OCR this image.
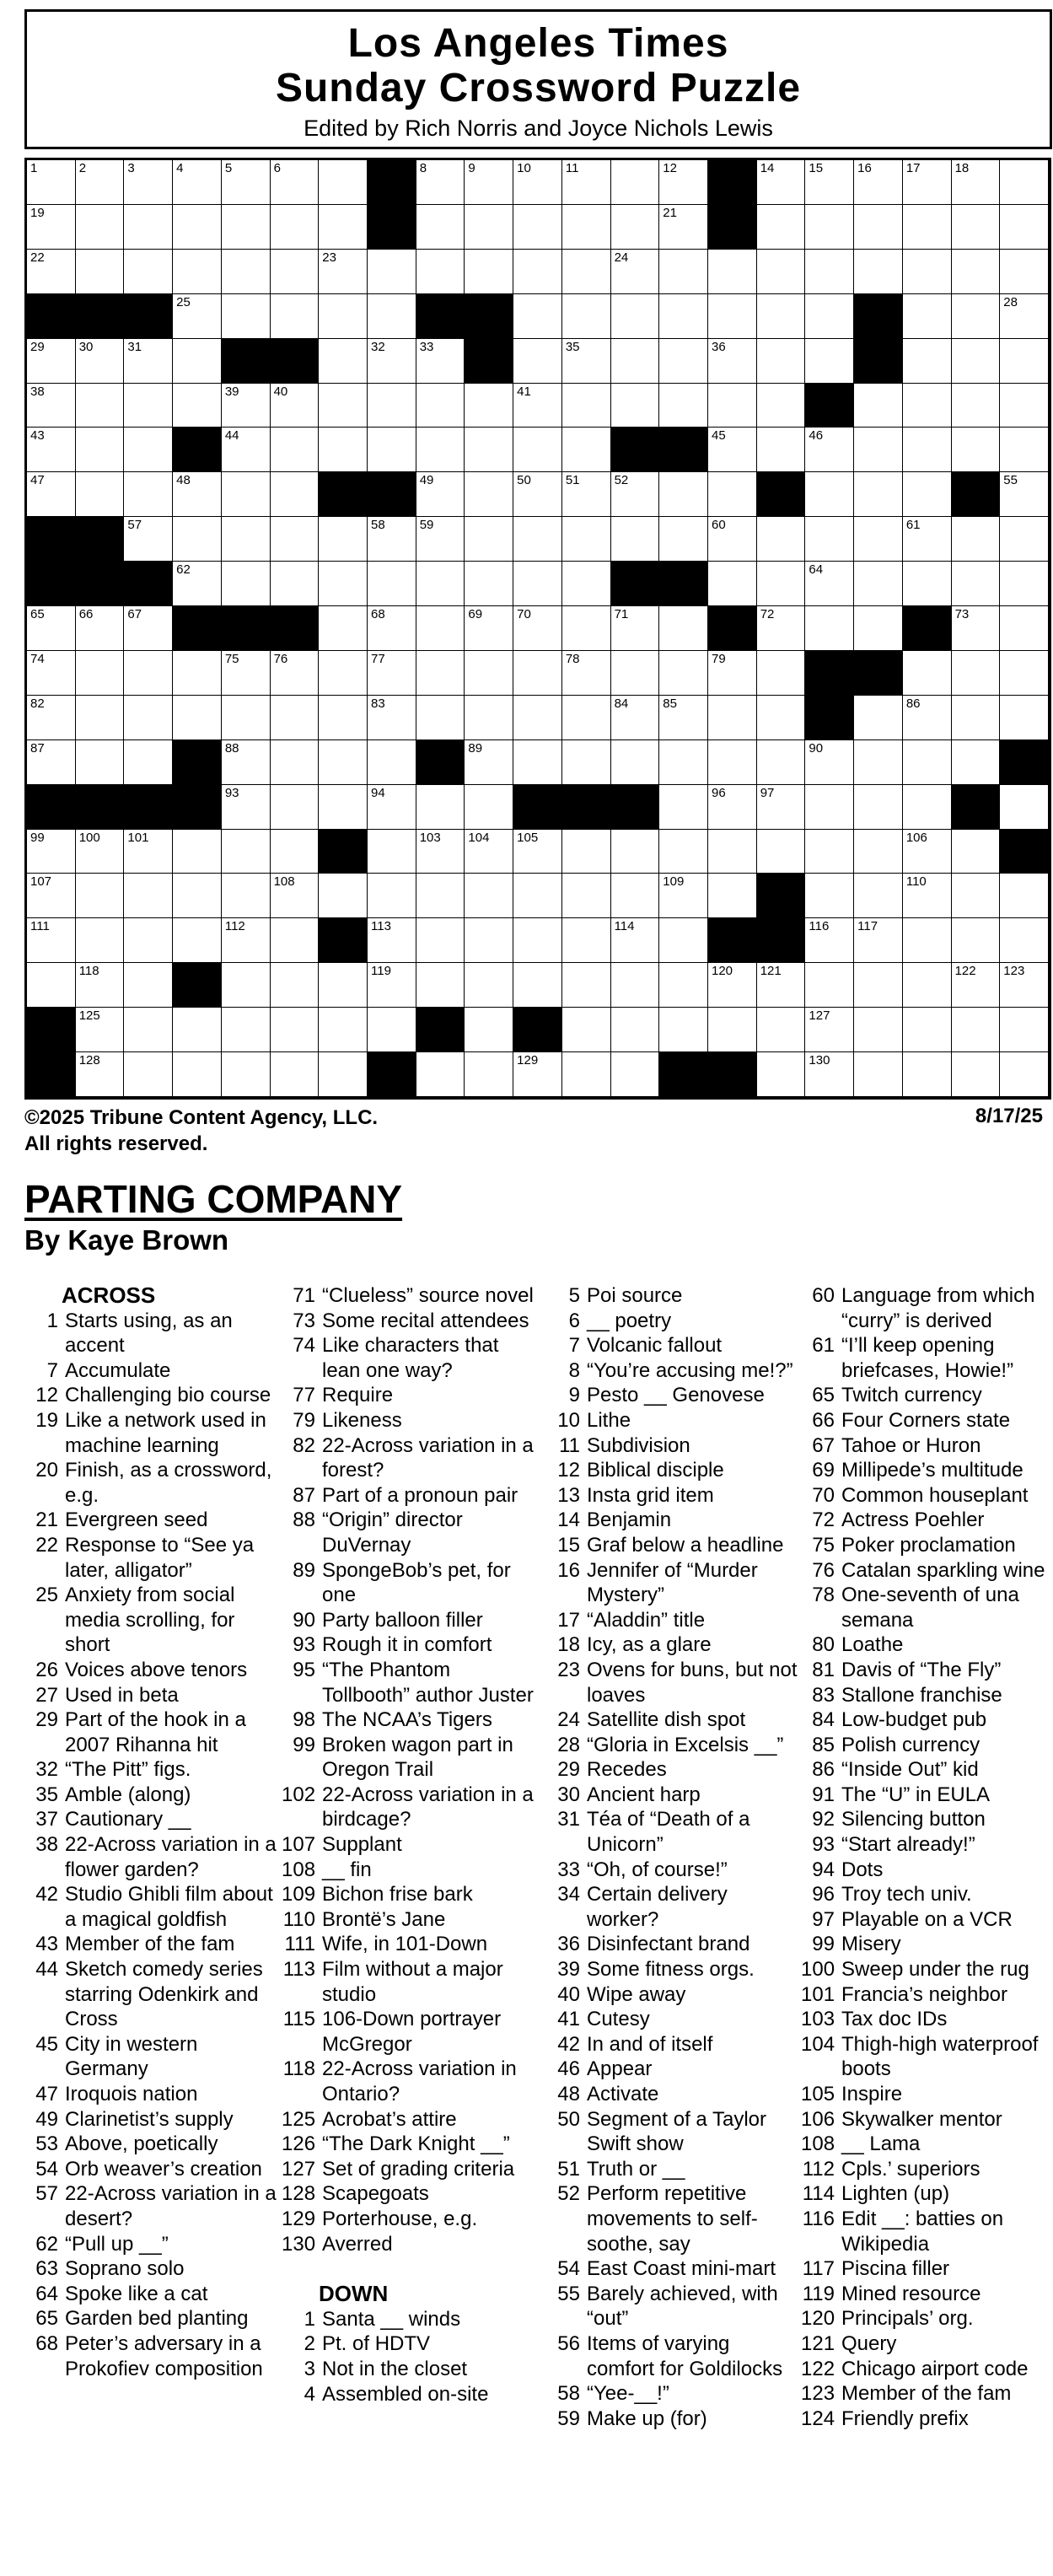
Los Angeles Times
Sunday Crossword Puzzle
Edited by Rich Norris and Joyce Nichols Lewis
1	2	3	4	5	6	8	9	10	11	12	14	15	16	17	18
19	21
22	23	24
25	28
29	30	31	32	33	35	36
38	39	40	41
43	44	45	46
47	48	49	50	51	52	55
57	58	59	60	61
62	64
65	66	67	68	69	70	71	72	73
74	75	76	77	78	79
82	83	84	85	86
87	88	89	90
93	94	96	97
99	100 101	103 104 105	106
107	108	109	110
111	112	113	114	116 117
118	119	120 121	122 123
125	127
128	129	130
©2025 Tribune Content Agency, LLC.
All rights reserved.
8/17/25
PARTING COMPANY
By Kaye Brown
ACROSS
1 Starts using, as an accent
7 Accumulate
12 Challenging bio course
19 Like a network used in machine learning
20 Finish, as a crossword, e.g.
21 Evergreen seed
22 Response to “See ya later, alligator”
25 Anxiety from social media scrolling, for short
26 Voices above tenors
27 Used in beta
29 Part of the hook in a 2007 Rihanna hit
32 “The Pitt” figs.
35 Amble (along)
37 Cautionary __
38 22-Across variation in a flower garden?
42 Studio Ghibli film about a magical goldfish
43 Member of the fam
44 Sketch comedy series starring Odenkirk and Cross
45 City in western Germany
47 Iroquois nation
49 Clarinetist’s supply
53 Above, poetically
54 Orb weaver’s creation
57 22-Across variation in a desert?
62 “Pull up __”
63 Soprano solo
64 Spoke like a cat
65 Garden bed planting
68 Peter’s adversary in a Prokofiev composition
71 “Clueless” source novel
73 Some recital attendees
74 Like characters that lean one way?
77 Require
79 Likeness
82 22-Across variation in a forest?
87 Part of a pronoun pair
88 “Origin” director DuVernay
89 SpongeBob’s pet, for one
90 Party balloon filler
93 Rough it in comfort
95 “The Phantom Tollbooth” author Juster
98 The NCAA’s Tigers
99 Broken wagon part in Oregon Trail
102 22-Across variation in a birdcage?
107 Supplant
108 __ fin
109 Bichon frise bark
110 Brontë’s Jane
111 Wife, in 101-Down
113 Film without a major studio
115 106-Down portrayer McGregor
118 22-Across variation in Ontario?
125 Acrobat’s attire
126 “The Dark Knight __”
127 Set of grading criteria
128 Scapegoats
129 Porterhouse, e.g.
130 Averred
DOWN
1 Santa __ winds
2 Pt. of HDTV
3 Not in the closet
4 Assembled on-site
5 Poi source
6 __ poetry
7 Volcanic fallout
8 “You’re accusing me!?”
9 Pesto __ Genovese
10 Lithe
11 Subdivision
12 Biblical disciple
13 Insta grid item
14 Benjamin
15 Graf below a headline
16 Jennifer of “Murder Mystery”
17 “Aladdin” title
18 Icy, as a glare
23 Ovens for buns, but not loaves
24 Satellite dish spot
28 “Gloria in Excelsis __”
29 Recedes
30 Ancient harp
31 Téa of “Death of a Unicorn”
33 “Oh, of course!”
34 Certain delivery worker?
36 Disinfectant brand
39 Some fitness orgs.
40 Wipe away
41 Cutesy
42 In and of itself
46 Appear
48 Activate
50 Segment of a Taylor Swift show
51 Truth or __
52 Perform repetitive movements to self-soothe, say
54 East Coast mini-mart
55 Barely achieved, with “out”
56 Items of varying comfort for Goldilocks
58 “Yee-__!”
59 Make up (for)
60 Language from which “curry” is derived
61 “I’ll keep opening briefcases, Howie!”
65 Twitch currency
66 Four Corners state
67 Tahoe or Huron
69 Millipede’s multitude
70 Common houseplant
72 Actress Poehler
75 Poker proclamation
76 Catalan sparkling wine
78 One-seventh of una semana
80 Loathe
81 Davis of “The Fly”
83 Stallone franchise
84 Low-budget pub
85 Polish currency
86 “Inside Out” kid
91 The “U” in EULA
92 Silencing button
93 “Start already!”
94 Dots
96 Troy tech univ.
97 Playable on a VCR
99 Misery
100 Sweep under the rug
101 Francia’s neighbor
103 Tax doc IDs
104 Thigh-high waterproof boots
105 Inspire
106 Skywalker mentor
108 __ Lama
112 Cpls.’ superiors
114 Lighten (up)
116 Edit __: batties on Wikipedia
117 Piscina filler
119 Mined resource
120 Principals’ org.
121 Query
122 Chicago airport code
123 Member of the fam
124 Friendly prefix
